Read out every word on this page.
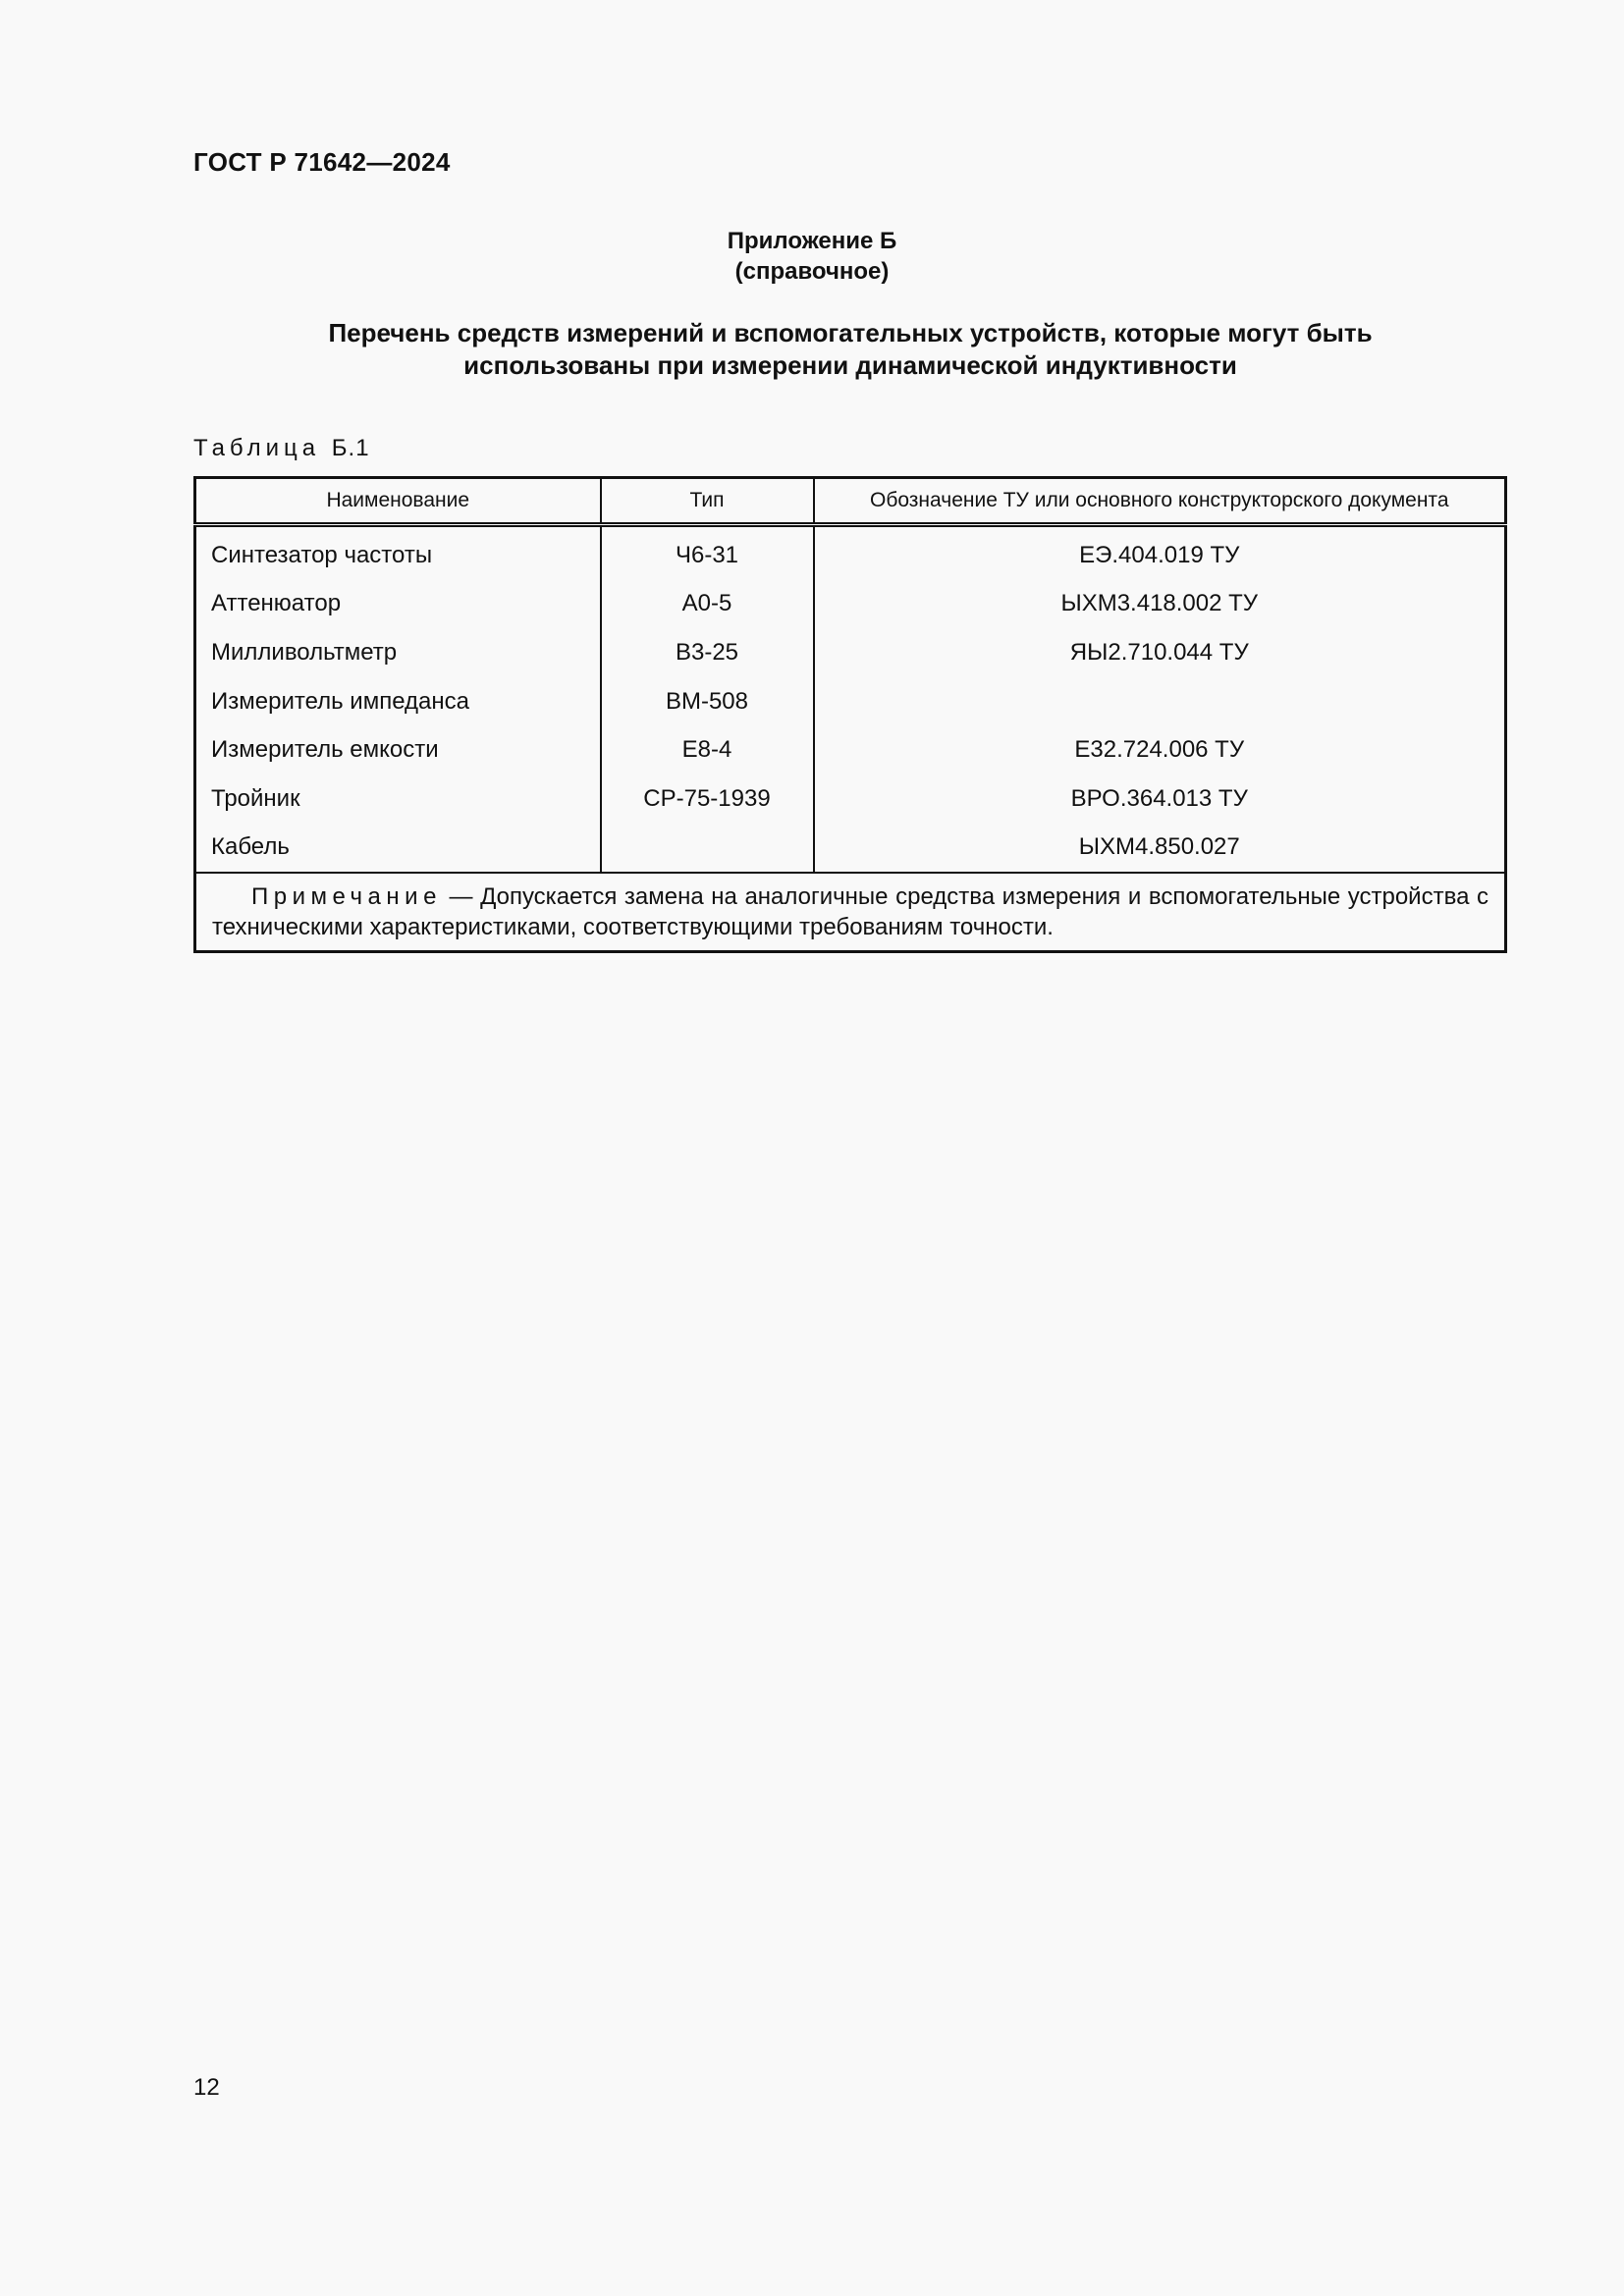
ГОСТ Р 71642—2024
Приложение Б
(справочное)
Перечень средств измерений и вспомогательных устройств, которые могут быть
использованы при измерении динамической индуктивности
Таблица Б.1
Наименование	Тип	Обозначение ТУ или основного конструкторского документа
Синтезатор частоты	Ч6-31	ЕЭ.404.019 ТУ
Аттенюатор	А0-5	ЫХМ3.418.002 ТУ
Милливольтметр	В3-25	ЯЫ2.710.044 ТУ
Измеритель импеданса	ВМ-508	
Измеритель емкости	Е8-4	Е32.724.006 ТУ
Тройник	СР-75-1939	ВРО.364.013 ТУ
Кабель		ЫХМ4.850.027
Примечание — Допускается замена на аналогичные средства измерения и вспомогательные устройства с техническими характеристиками, соответствующими требованиям точности.		
12
